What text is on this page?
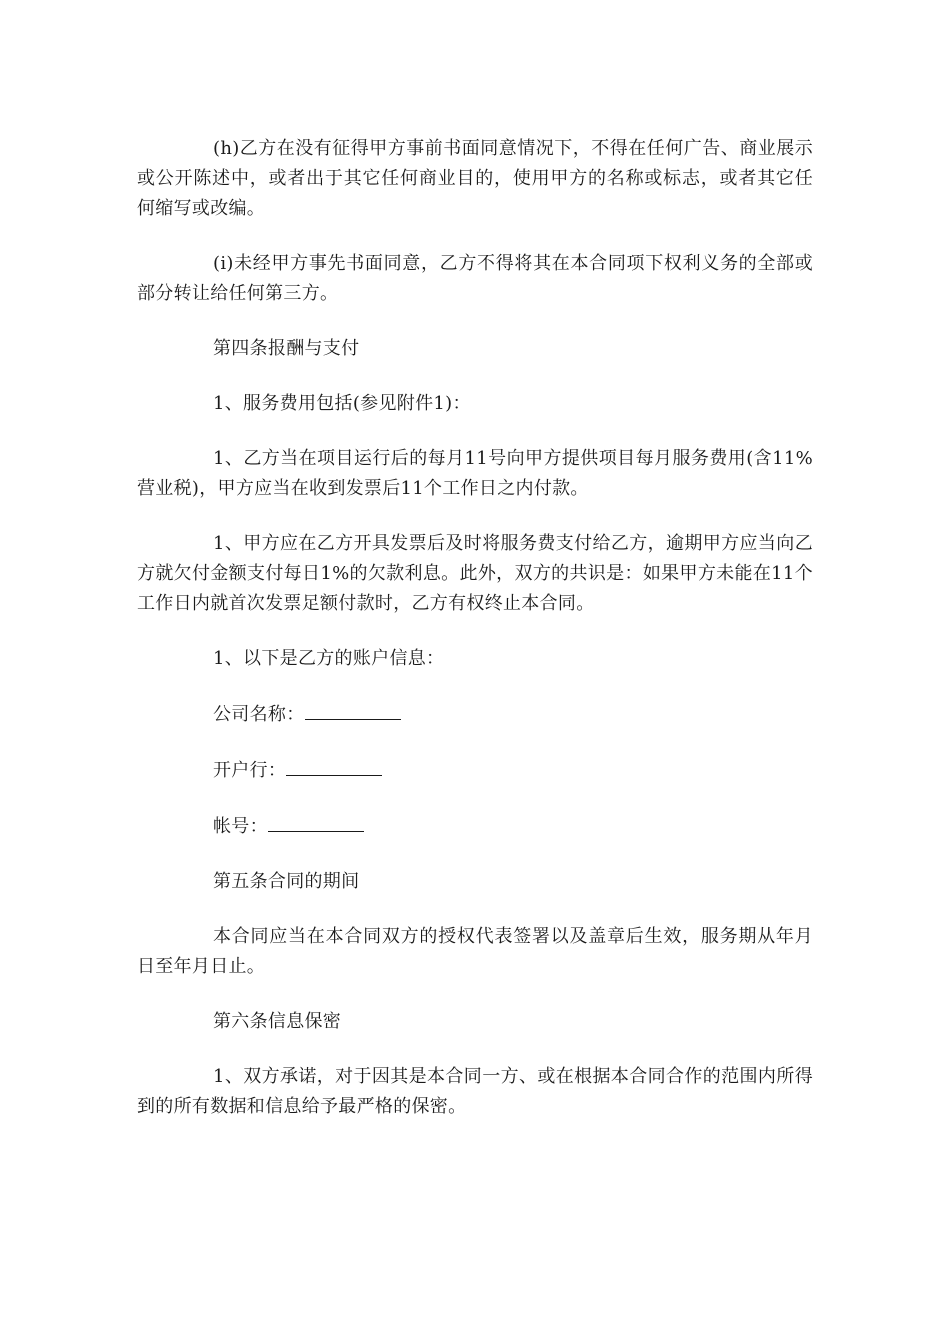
(h)乙方在没有征得甲方事前书面同意情况下，不得在任何广告、商业展示或公开陈述中，或者出于其它任何商业目的，使用甲方的名称或标志，或者其它任何缩写或改编。

(i)未经甲方事先书面同意，乙方不得将其在本合同项下权利义务的全部或部分转让给任何第三方。

第四条报酬与支付

1、服务费用包括(参见附件1)：

1、乙方当在项目运行后的每月11号向甲方提供项目每月服务费用(含11%营业税)，甲方应当在收到发票后11个工作日之内付款。

1、甲方应在乙方开具发票后及时将服务费支付给乙方，逾期甲方应当向乙方就欠付金额支付每日1%的欠款利息。此外，双方的共识是：如果甲方未能在11个工作日内就首次发票足额付款时，乙方有权终止本合同。

1、以下是乙方的账户信息：

公司名称：

开户行：

帐号：

第五条合同的期间

本合同应当在本合同双方的授权代表签署以及盖章后生效，服务期从年月日至年月日止。

第六条信息保密

1、双方承诺，对于因其是本合同一方、或在根据本合同合作的范围内所得到的所有数据和信息给予最严格的保密。
